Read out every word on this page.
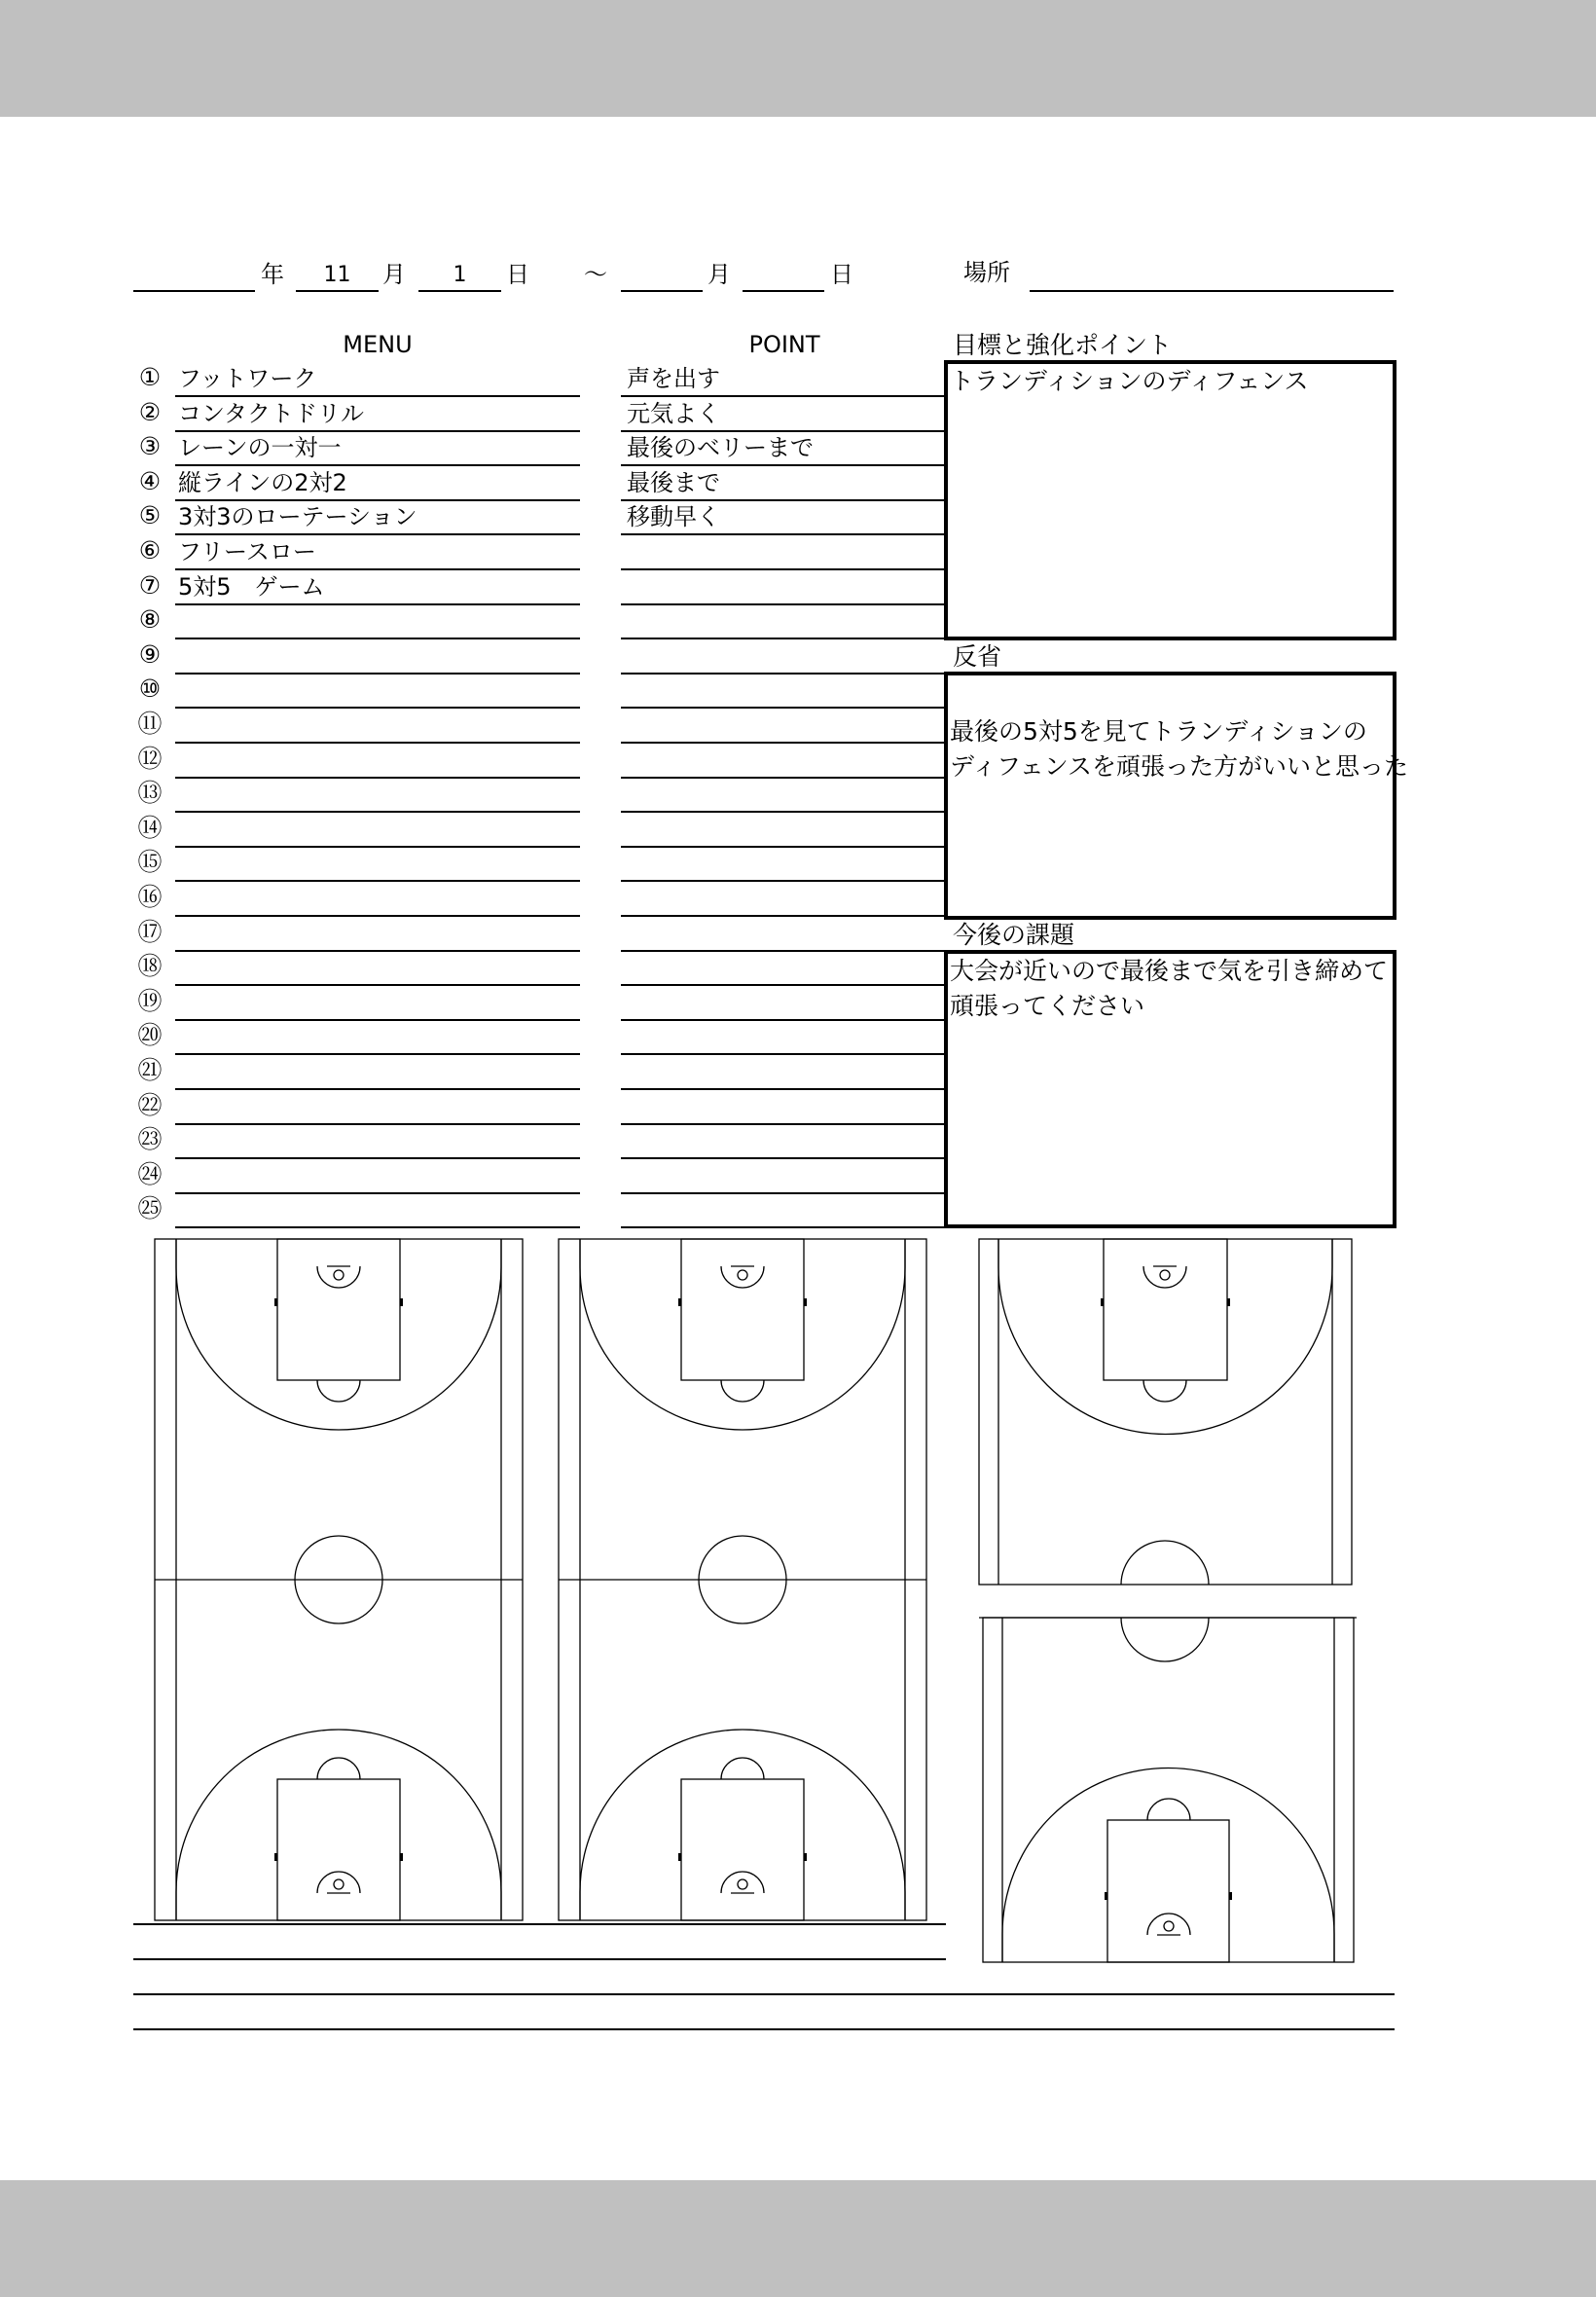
年	11	月	1	日 ～	月	日	場所
MENU	POINT	目標と強化ポイント
① フットワーク	声を出す
② コンタクトドリル	元気よく
③ レーンの一対一	最後のベリーまで
④ 縦ラインの2対2	最後まで
⑤ 3対3のローテーション	移動早く
⑥ フリースロー
⑦ 5対5　ゲーム
⑧
⑨
⑩
⑪
⑫
⑬
⑭
⑮
⑯
⑰
⑱
⑲
⑳
㉑
㉒
㉓
㉔
㉕
トランディションのディフェンス
反省
最後の5対5を見てトランディションの
ディフェンスを頑張った方がいいと思った
今後の課題
大会が近いので最後まで気を引き締めて
頑張ってください
